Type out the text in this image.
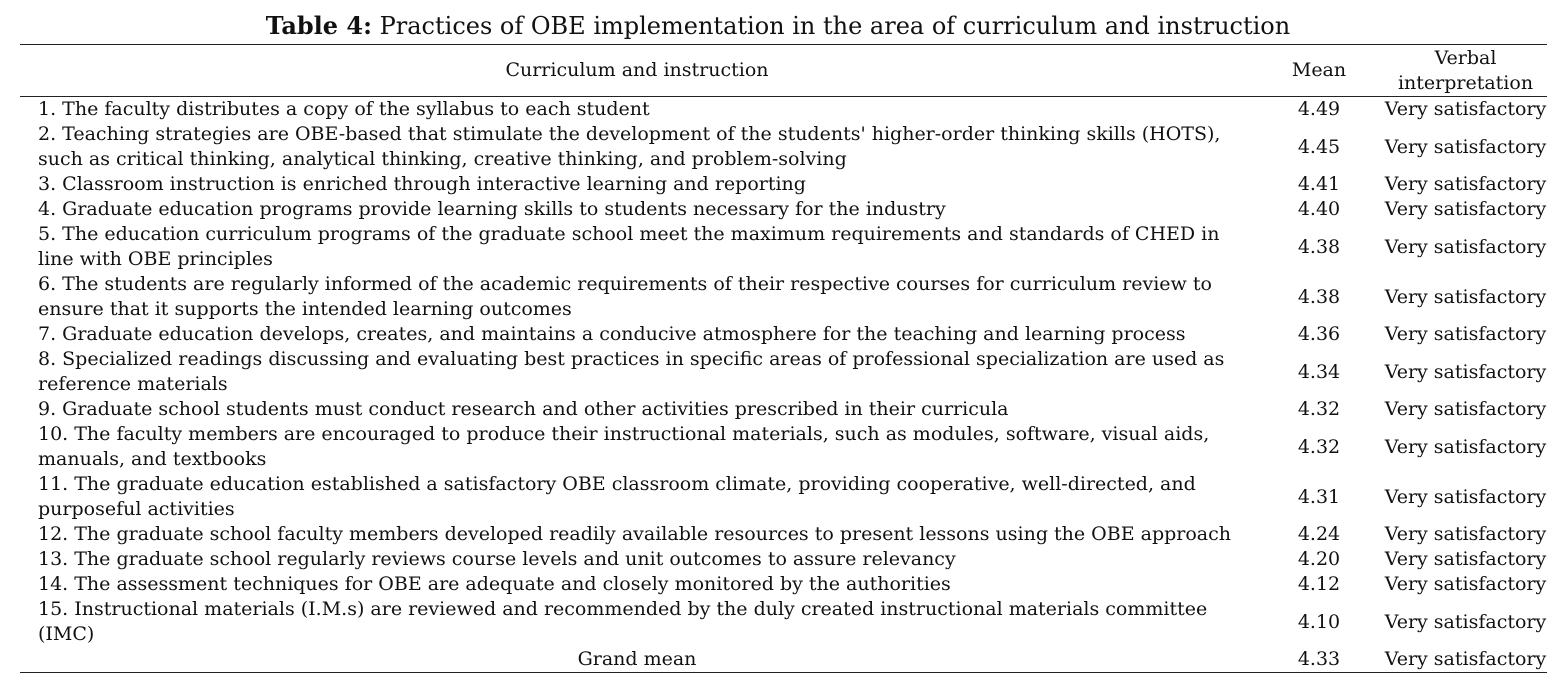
Table 4: Practices of OBE implementation in the area of curriculum and instruction
Curriculum and instruction	Mean	Verbal
interpretation
1. The faculty distributes a copy of the syllabus to each student	4.49	Very satisfactory
2. Teaching strategies are OBE-based that stimulate the development of the students' higher-order thinking skills (HOTS), such as critical thinking, analytical thinking, creative thinking, and problem-solving	4.45	Very satisfactory
3. Classroom instruction is enriched through interactive learning and reporting	4.41	Very satisfactory
4. Graduate education programs provide learning skills to students necessary for the industry	4.40	Very satisfactory
5. The education curriculum programs of the graduate school meet the maximum requirements and standards of CHED in line with OBE principles	4.38	Very satisfactory
6. The students are regularly informed of the academic requirements of their respective courses for curriculum review to ensure that it supports the intended learning outcomes	4.38	Very satisfactory
7. Graduate education develops, creates, and maintains a conducive atmosphere for the teaching and learning process	4.36	Very satisfactory
8. Specialized readings discussing and evaluating best practices in specific areas of professional specialization are used as reference materials	4.34	Very satisfactory
9. Graduate school students must conduct research and other activities prescribed in their curricula	4.32	Very satisfactory
10. The faculty members are encouraged to produce their instructional materials, such as modules, software, visual aids, manuals, and textbooks	4.32	Very satisfactory
11. The graduate education established a satisfactory OBE classroom climate, providing cooperative, well-directed, and purposeful activities	4.31	Very satisfactory
12. The graduate school faculty members developed readily available resources to present lessons using the OBE approach	4.24	Very satisfactory
13. The graduate school regularly reviews course levels and unit outcomes to assure relevancy	4.20	Very satisfactory
14. The assessment techniques for OBE are adequate and closely monitored by the authorities	4.12	Very satisfactory
15. Instructional materials (I.M.s) are reviewed and recommended by the duly created instructional materials committee (IMC)	4.10	Very satisfactory
Grand mean	4.33	Very satisfactory
